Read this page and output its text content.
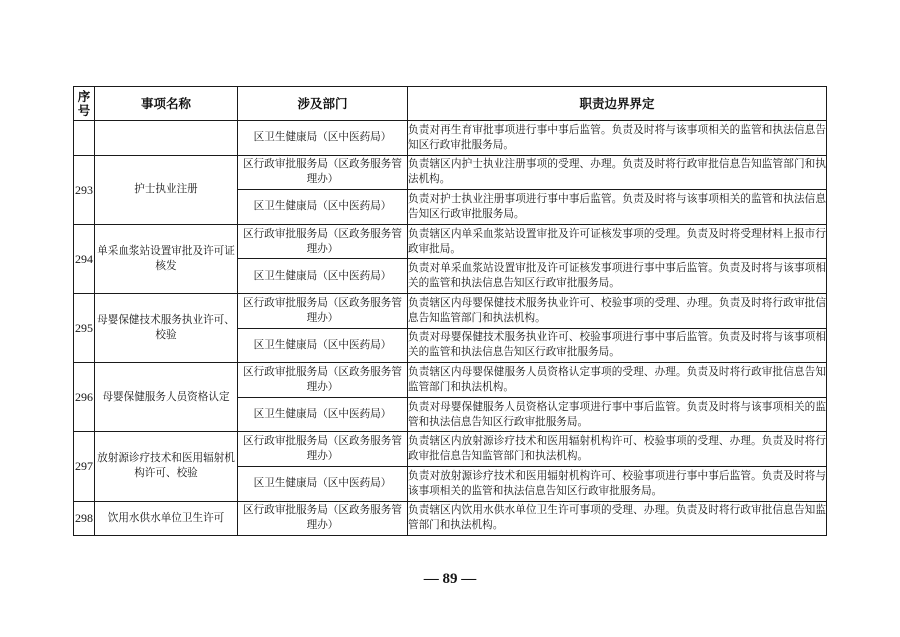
序号	事项名称	涉及部门	职责边界界定
		区卫生健康局（区中医药局）	负责对再生育审批事项进行事中事后监管。负责及时将与该事项相关的监管和执法信息告知区行政审批服务局。
293	护士执业注册	区行政审批服务局（区政务服务管理办）	负责辖区内护士执业注册事项的受理、办理。负责及时将行政审批信息告知监管部门和执法机构。
		区卫生健康局（区中医药局）	负责对护士执业注册事项进行事中事后监管。负责及时将与该事项相关的监管和执法信息告知区行政审批服务局。
294	单采血浆站设置审批及许可证核发	区行政审批服务局（区政务服务管理办）	负责辖区内单采血浆站设置审批及许可证核发事项的受理。负责及时将受理材料上报市行政审批局。
		区卫生健康局（区中医药局）	负责对单采血浆站设置审批及许可证核发事项进行事中事后监管。负责及时将与该事项相关的监管和执法信息告知区行政审批服务局。
295	母婴保健技术服务执业许可、校验	区行政审批服务局（区政务服务管理办）	负责辖区内母婴保健技术服务执业许可、校验事项的受理、办理。负责及时将行政审批信息告知监管部门和执法机构。
		区卫生健康局（区中医药局）	负责对母婴保健技术服务执业许可、校验事项进行事中事后监管。负责及时将与该事项相关的监管和执法信息告知区行政审批服务局。
296	母婴保健服务人员资格认定	区行政审批服务局（区政务服务管理办）	负责辖区内母婴保健服务人员资格认定事项的受理、办理。负责及时将行政审批信息告知监管部门和执法机构。
		区卫生健康局（区中医药局）	负责对母婴保健服务人员资格认定事项进行事中事后监管。负责及时将与该事项相关的监管和执法信息告知区行政审批服务局。
297	放射源诊疗技术和医用辐射机构许可、校验	区行政审批服务局（区政务服务管理办）	负责辖区内放射源诊疗技术和医用辐射机构许可、校验事项的受理、办理。负责及时将行政审批信息告知监管部门和执法机构。
		区卫生健康局（区中医药局）	负责对放射源诊疗技术和医用辐射机构许可、校验事项进行事中事后监管。负责及时将与该事项相关的监管和执法信息告知区行政审批服务局。
298	饮用水供水单位卫生许可	区行政审批服务局（区政务服务管理办）	负责辖区内饮用水供水单位卫生许可事项的受理、办理。负责及时将行政审批信息告知监管部门和执法机构。
— 89 —
